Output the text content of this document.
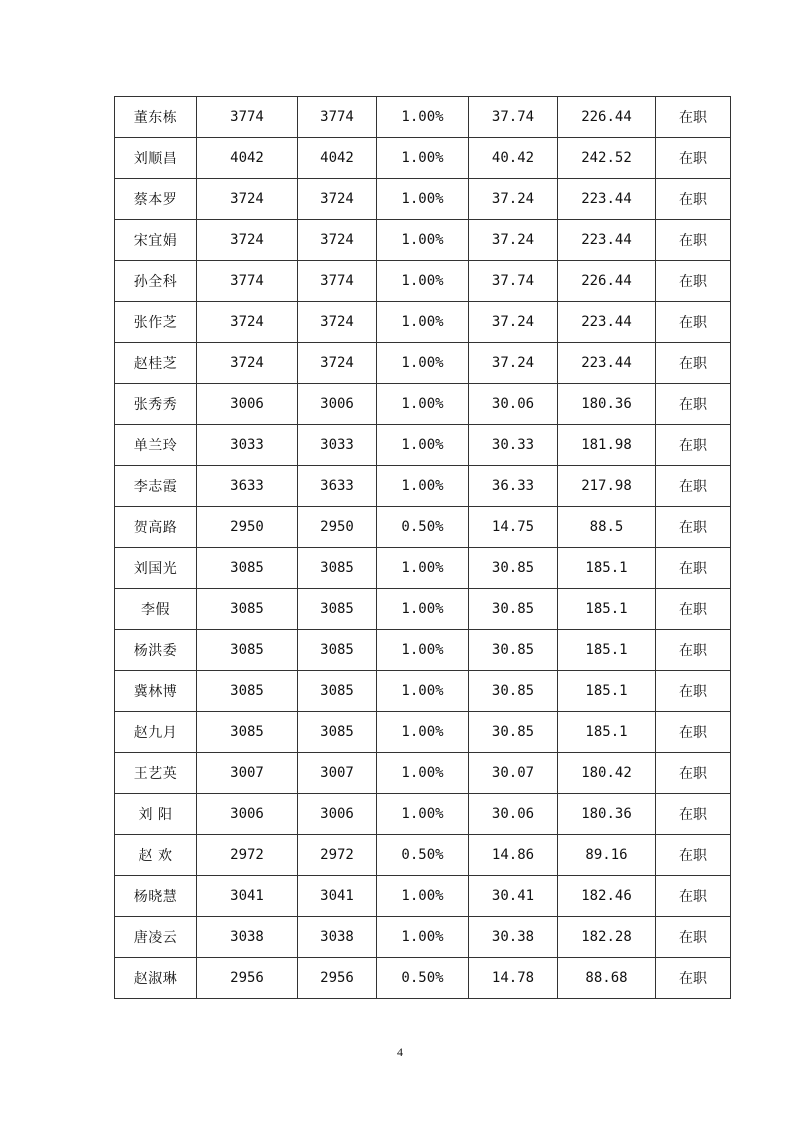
董东栋	3774	3774	1.00%	37.74	226.44	在职
刘顺昌	4042	4042	1.00%	40.42	242.52	在职
蔡本罗	3724	3724	1.00%	37.24	223.44	在职
宋宜娟	3724	3724	1.00%	37.24	223.44	在职
孙全科	3774	3774	1.00%	37.74	226.44	在职
张作芝	3724	3724	1.00%	37.24	223.44	在职
赵桂芝	3724	3724	1.00%	37.24	223.44	在职
张秀秀	3006	3006	1.00%	30.06	180.36	在职
单兰玲	3033	3033	1.00%	30.33	181.98	在职
李志霞	3633	3633	1.00%	36.33	217.98	在职
贺高路	2950	2950	0.50%	14.75	88.5	在职
刘国光	3085	3085	1.00%	30.85	185.1	在职
李假	3085	3085	1.00%	30.85	185.1	在职
杨洪委	3085	3085	1.00%	30.85	185.1	在职
冀林博	3085	3085	1.00%	30.85	185.1	在职
赵九月	3085	3085	1.00%	30.85	185.1	在职
王艺英	3007	3007	1.00%	30.07	180.42	在职
刘 阳	3006	3006	1.00%	30.06	180.36	在职
赵 欢	2972	2972	0.50%	14.86	89.16	在职
杨晓慧	3041	3041	1.00%	30.41	182.46	在职
唐凌云	3038	3038	1.00%	30.38	182.28	在职
赵淑琳	2956	2956	0.50%	14.78	88.68	在职
4
